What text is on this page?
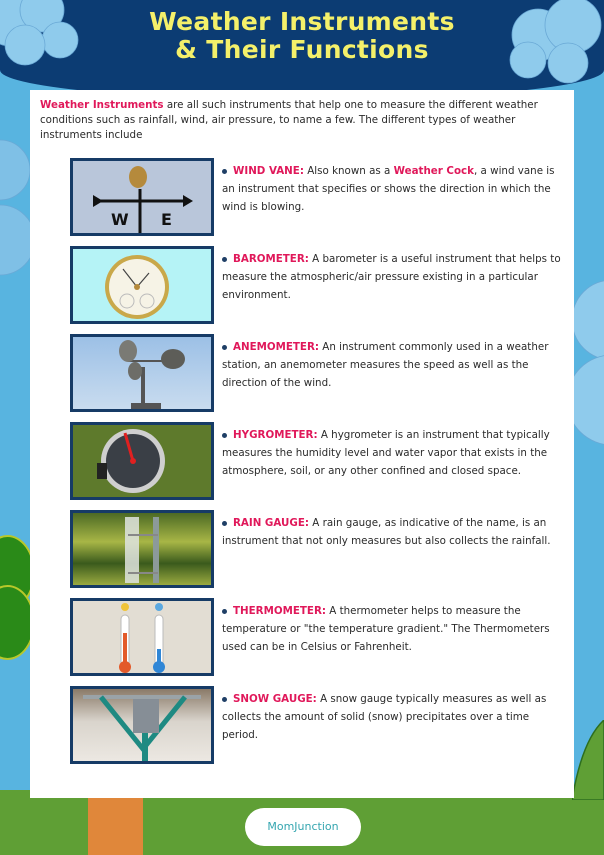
Weather Instruments
& Their Functions

Weather Instruments are all such instruments that help one to measure the different weather conditions such as rainfall, wind, air pressure, to name a few. The different types of weather instruments include

W E
WIND VANE: Also known as a Weather Cock, a wind vane is an instrument that specifies or shows the direction in which the wind is blowing.
BAROMETER: A barometer is a useful instrument that helps to measure the atmospheric/air pressure existing in a particular environment.
ANEMOMETER: An instrument commonly used in a weather station, an anemometer measures the speed as well as the direction of the wind.
HYGROMETER: A hygrometer is an instrument that typically measures the humidity level and water vapor that exists in the atmosphere, soil, or any other confined and closed space.
RAIN GAUGE: A rain gauge, as indicative of the name, is an instrument that not only measures but also collects the rainfall.
THERMOMETER: A thermometer helps to measure the temperature or "the temperature gradient." The Thermometers used can be in Celsius or Fahrenheit.
SNOW GAUGE: A snow gauge typically measures as well as collects the amount of solid (snow) precipitates over a time period.
MomJunction
